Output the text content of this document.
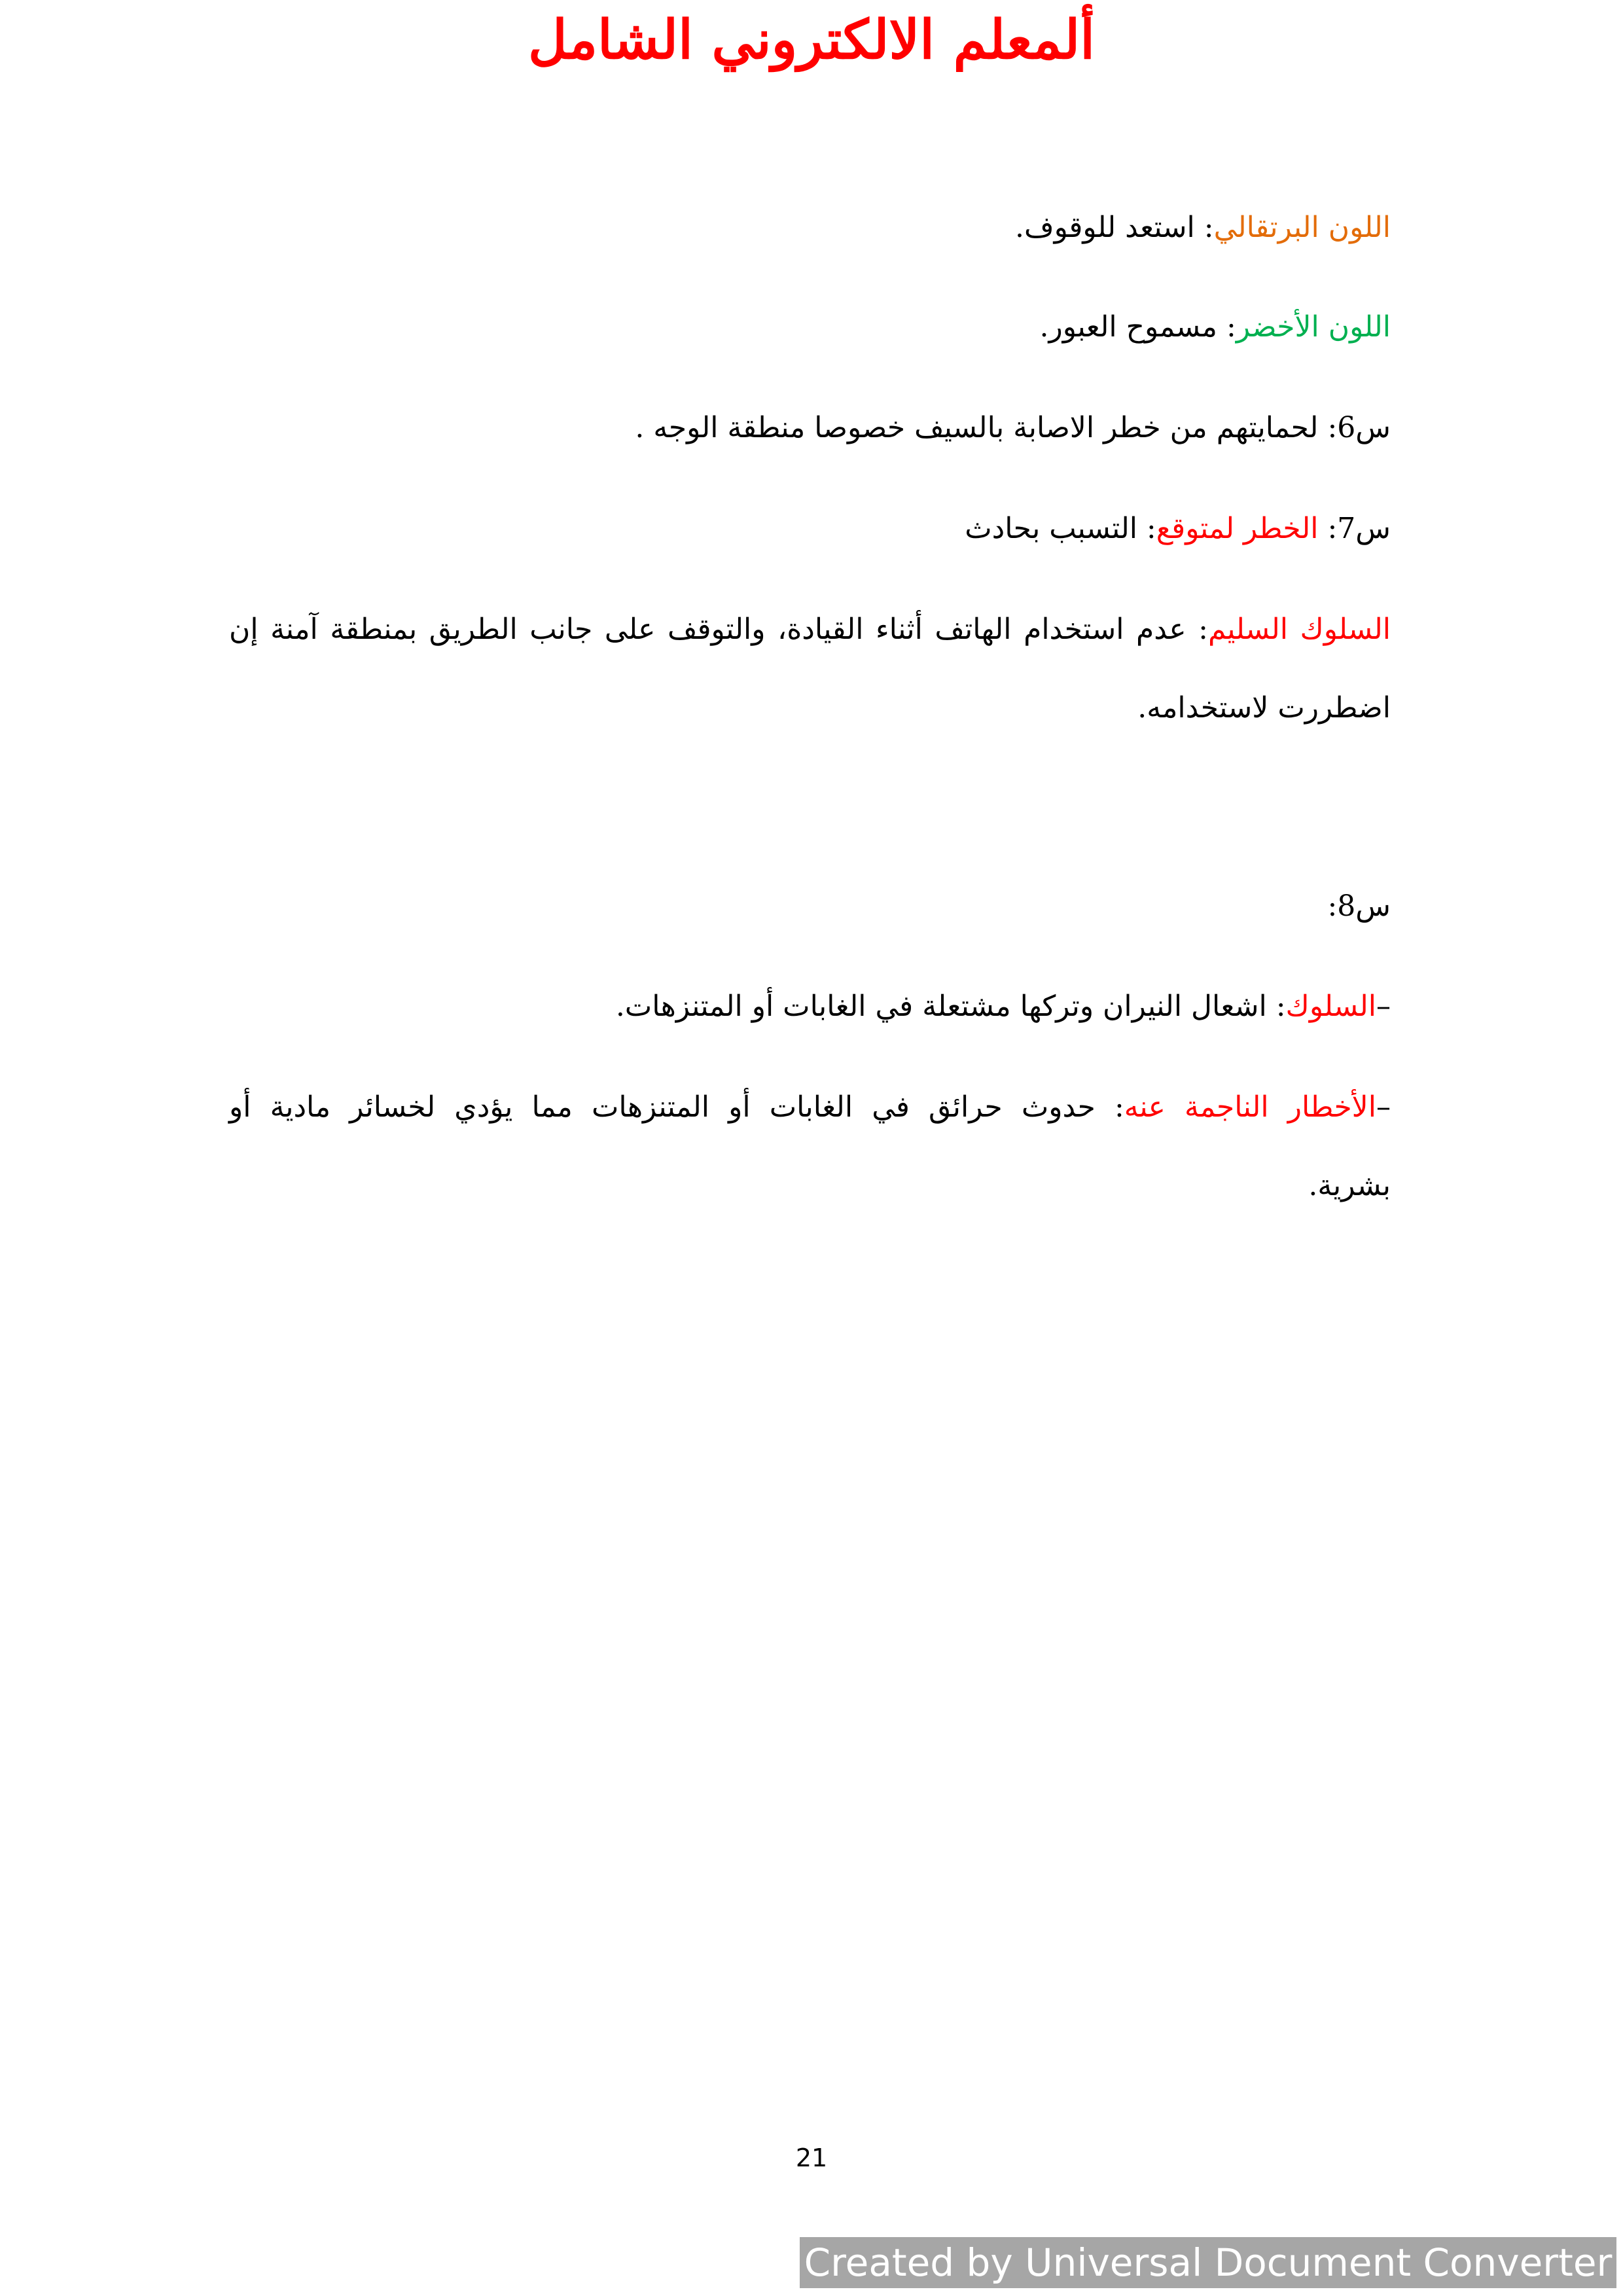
ألمعلم الالكتروني الشامل
اللون البرتقالي: استعد للوقوف.
اللون الأخضر: مسموح العبور.
س6: لحمايتهم من خطر الاصابة بالسيف خصوصا منطقة الوجه .
س7: الخطر لمتوقع: التسبب بحادث
السلوك السليم: عدم استخدام الهاتف أثناء القيادة، والتوقف على جانب الطريق بمنطقة آمنة إن
اضطررت لاستخدامه.
س8:
–السلوك: اشعال النيران وتركها مشتعلة في الغابات أو المتنزهات.
–الأخطار الناجمة عنه: حدوث حرائق في الغابات أو المتنزهات مما يؤدي لخسائر مادية أو
بشرية.
21
Created by Universal Document Converter
